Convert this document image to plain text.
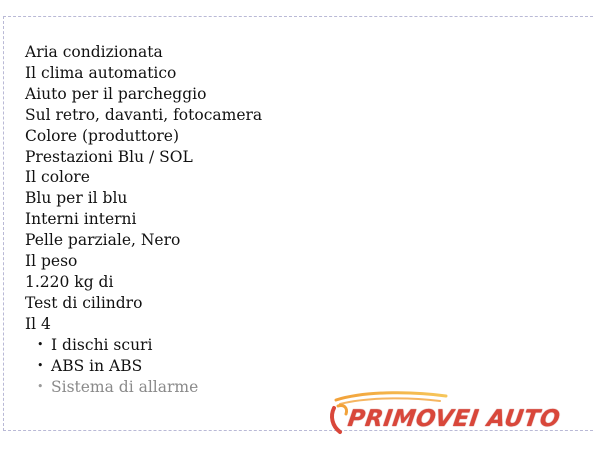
Aria condizionata
Il clima automatico
Aiuto per il parcheggio
Sul retro, davanti, fotocamera
Colore (produttore)
Prestazioni Blu / SOL
Il colore
Blu per il blu
Interni interni
Pelle parziale, Nero
Il peso
1.220 kg di
Test di cilindro
Il 4
• I dischi scuri
• ABS in ABS
• Sistema di allarme
PRIMOVEI AUTO
